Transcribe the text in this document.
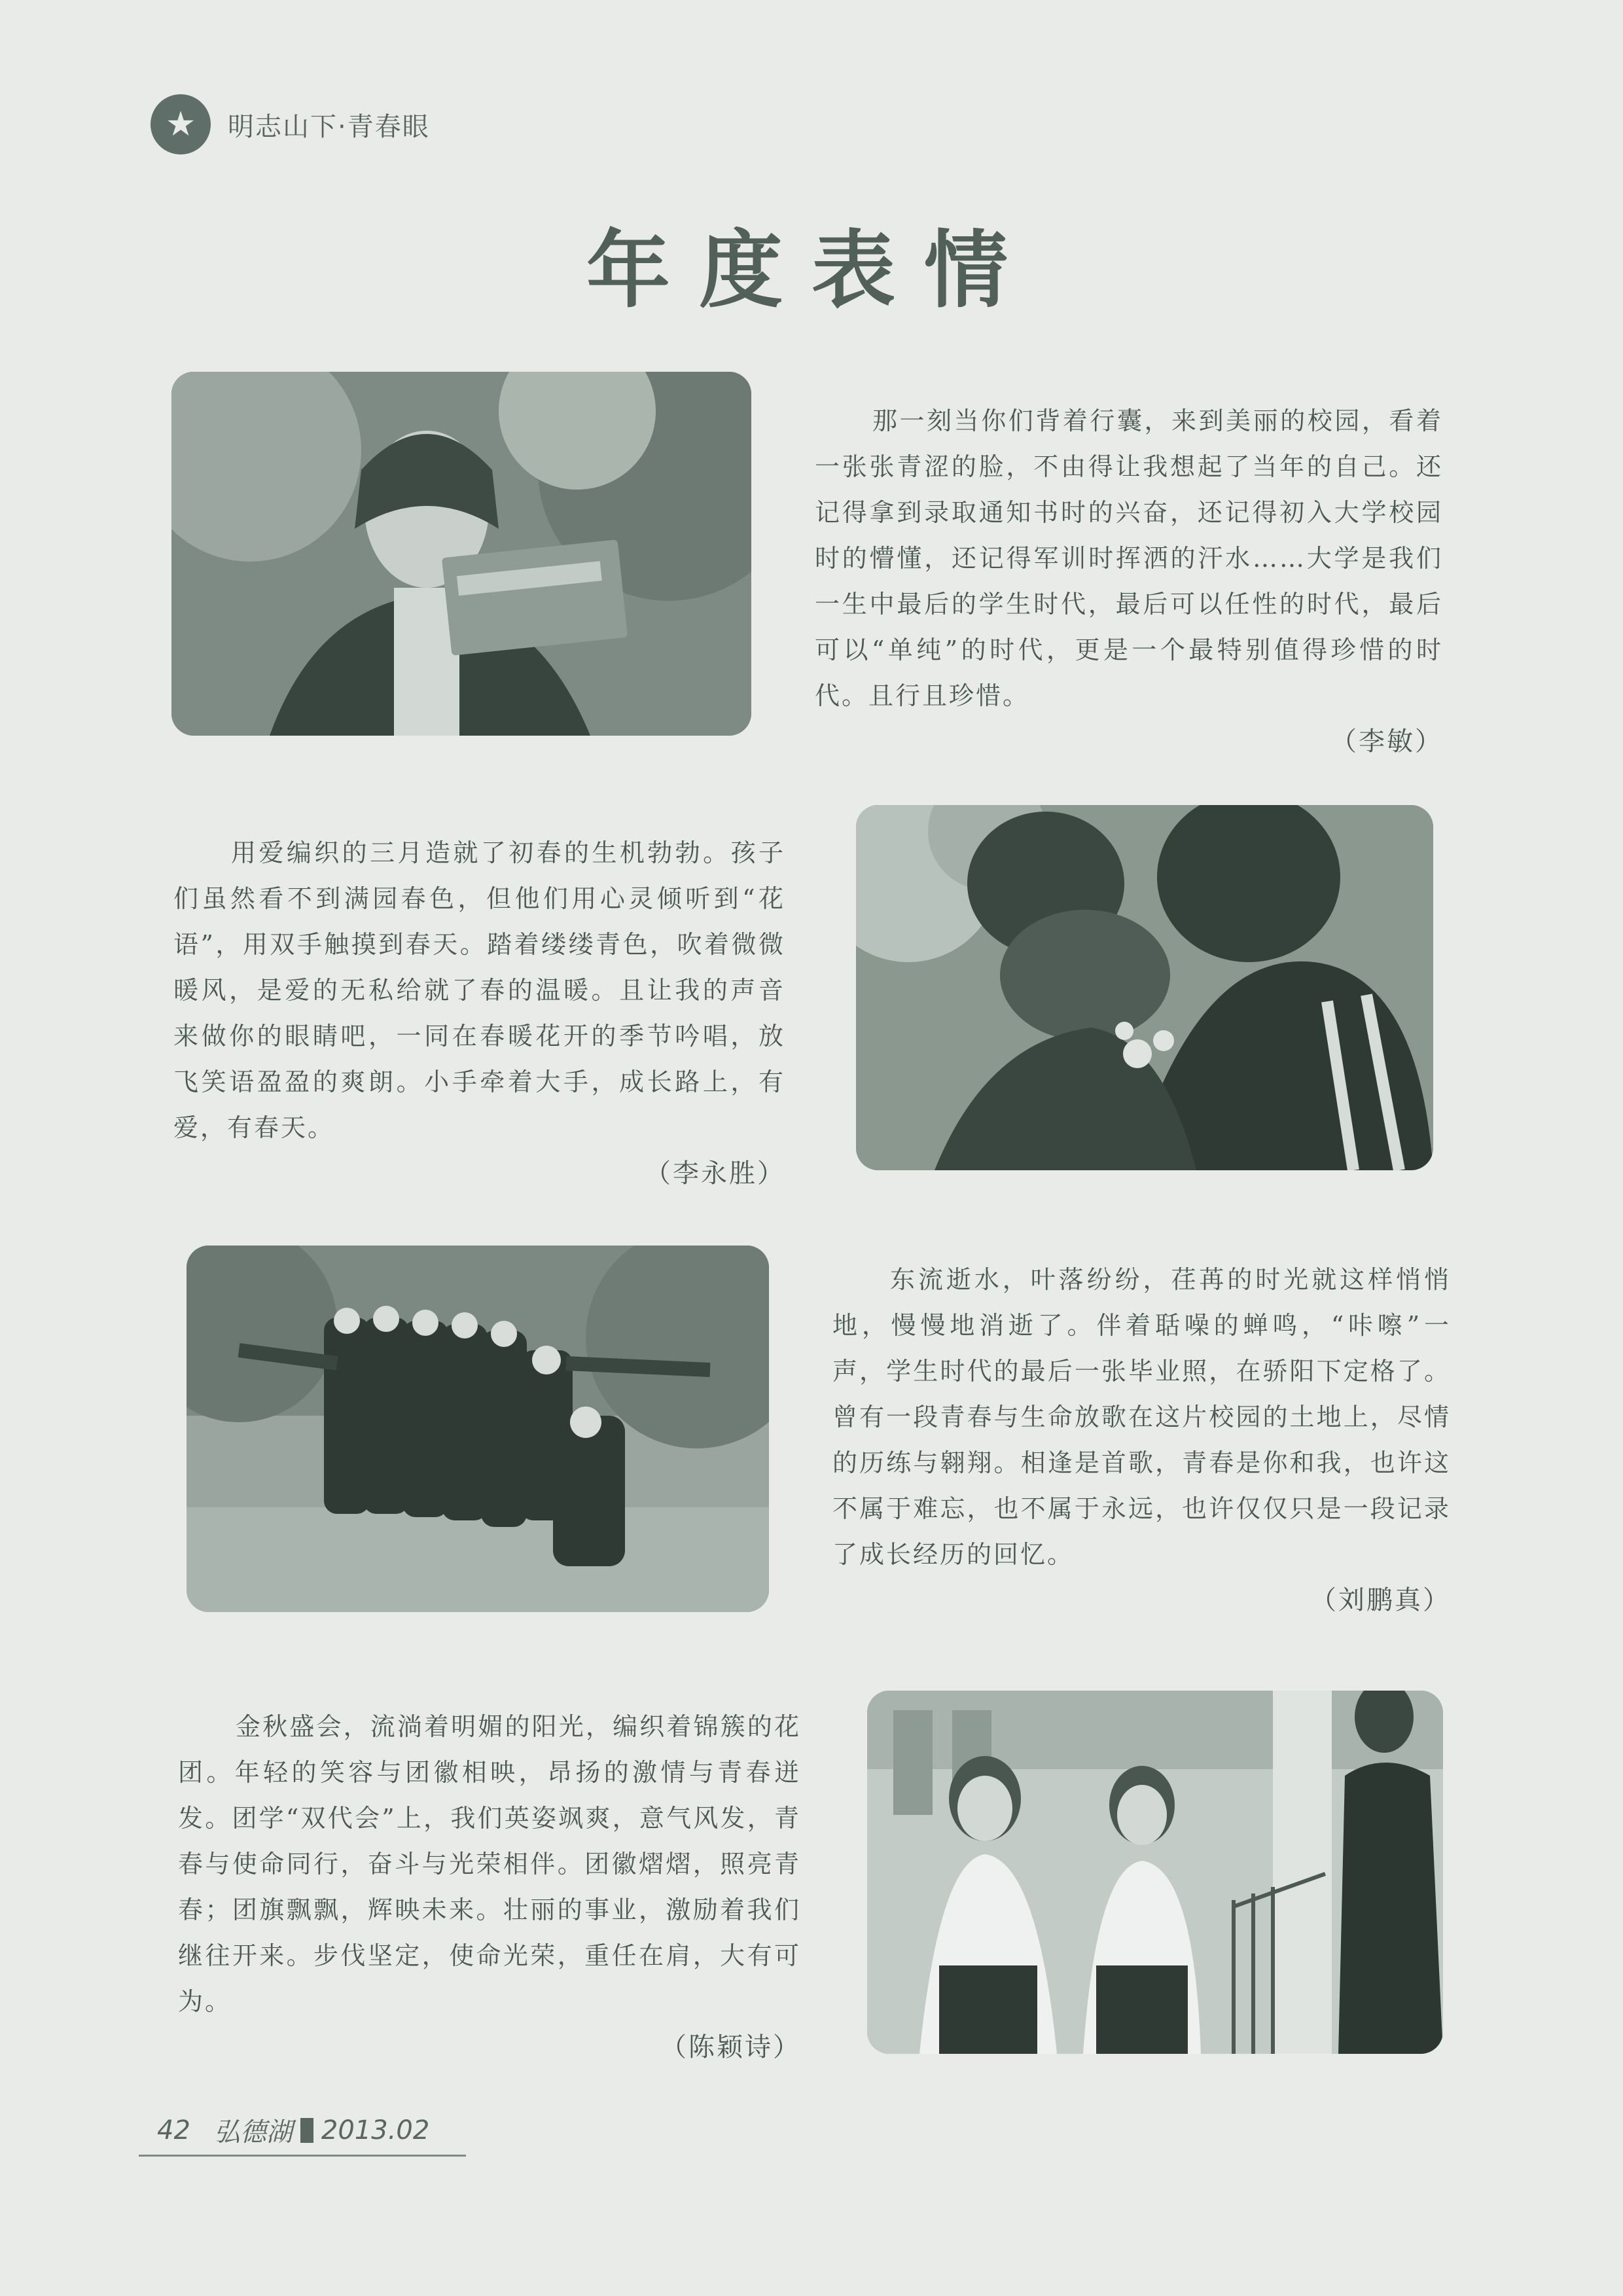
★	明志山下·青春眼
年度表情

那一刻当你们背着行囊，来到美丽的校园，看着一张张青涩的脸，不由得让我想起了当年的自己。还记得拿到录取通知书时的兴奋，还记得初入大学校园时的懵懂，还记得军训时挥洒的汗水……大学是我们一生中最后的学生时代，最后可以任性的时代，最后可以“单纯”的时代，更是一个最特别值得珍惜的时代。且行且珍惜。

（李敏）

用爱编织的三月造就了初春的生机勃勃。孩子们虽然看不到满园春色，但他们用心灵倾听到“花语”，用双手触摸到春天。踏着缕缕青色，吹着微微暖风，是爱的无私给就了春的温暖。且让我的声音来做你的眼睛吧，一同在春暖花开的季节吟唱，放飞笑语盈盈的爽朗。小手牵着大手，成长路上，有爱，有春天。

（李永胜）

东流逝水，叶落纷纷，荏苒的时光就这样悄悄地，慢慢地消逝了。伴着聒噪的蝉鸣，“咔嚓”一声，学生时代的最后一张毕业照，在骄阳下定格了。曾有一段青春与生命放歌在这片校园的土地上，尽情的历练与翱翔。相逢是首歌，青春是你和我，也许这不属于难忘，也不属于永远，也许仅仅只是一段记录了成长经历的回忆。

（刘鹏真）

金秋盛会，流淌着明媚的阳光，编织着锦簇的花团。年轻的笑容与团徽相映，昂扬的激情与青春迸发。团学“双代会”上，我们英姿飒爽，意气风发，青春与使命同行，奋斗与光荣相伴。团徽熠熠，照亮青春；团旗飘飘，辉映未来。壮丽的事业，激励着我们继往开来。步伐坚定，使命光荣，重任在肩，大有可为。

（陈颖诗）
42 弘德湖 2013.02
